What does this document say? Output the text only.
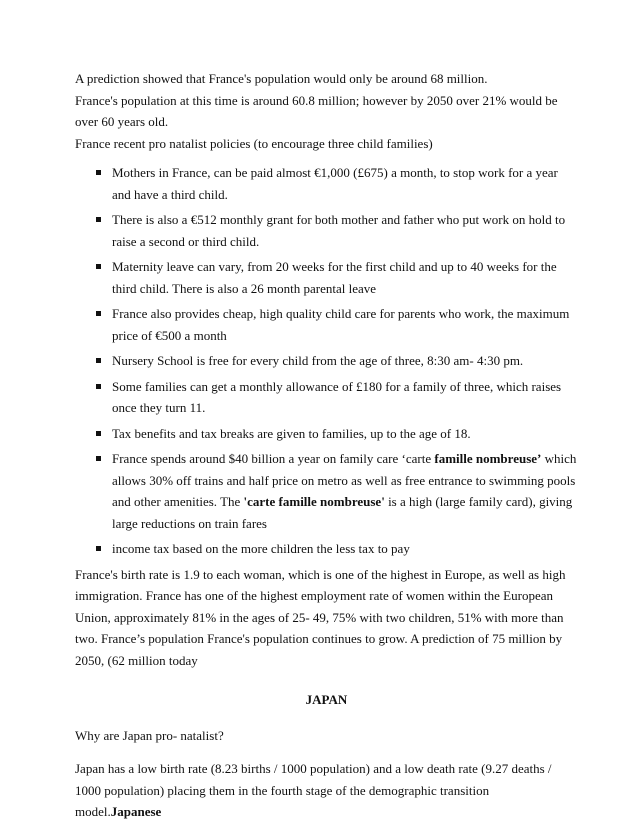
A prediction showed that France's population would only be around 68 million.

France's population at this time is around 60.8 million; however by 2050 over 21% would be over 60 years old.

France recent pro natalist policies (to encourage three child families)

Mothers in France, can be paid almost €1,000 (£675) a month, to stop work for a year and have a third child.
There is also a €512 monthly grant for both mother and father who put work on hold to raise a second or third child.
Maternity leave can vary, from 20 weeks for the first child and up to 40 weeks for the third child. There is also a 26 month parental leave
France also provides cheap, high quality child care for parents who work, the maximum price of €500 a month
Nursery School is free for every child from the age of three, 8:30 am- 4:30 pm.
Some families can get a monthly allowance of £180 for a family of three, which raises once they turn 11.
Tax benefits and tax breaks are given to families, up to the age of 18.
France spends around $40 billion a year on family care ‘carte famille nombreuse’ which allows 30% off trains and half price on metro as well as free entrance to swimming pools and other amenities. The 'carte famille nombreuse' is a high (large family card), giving large reductions on train fares
income tax based on the more children the less tax to pay

France's birth rate is 1.9 to each woman, which is one of the highest in Europe, as well as high immigration. France has one of the highest employment rate of women within the European Union, approximately 81% in the ages of 25- 49, 75% with two children, 51% with more than two. France’s population France's population continues to grow. A prediction of 75 million by 2050, (62 million today

JAPAN

Why are Japan pro- natalist?

Japan has a low birth rate (8.23 births / 1000 population) and a low death rate (9.27 deaths / 1000 population) placing them in the fourth stage of the demographic transition model.Japanese
